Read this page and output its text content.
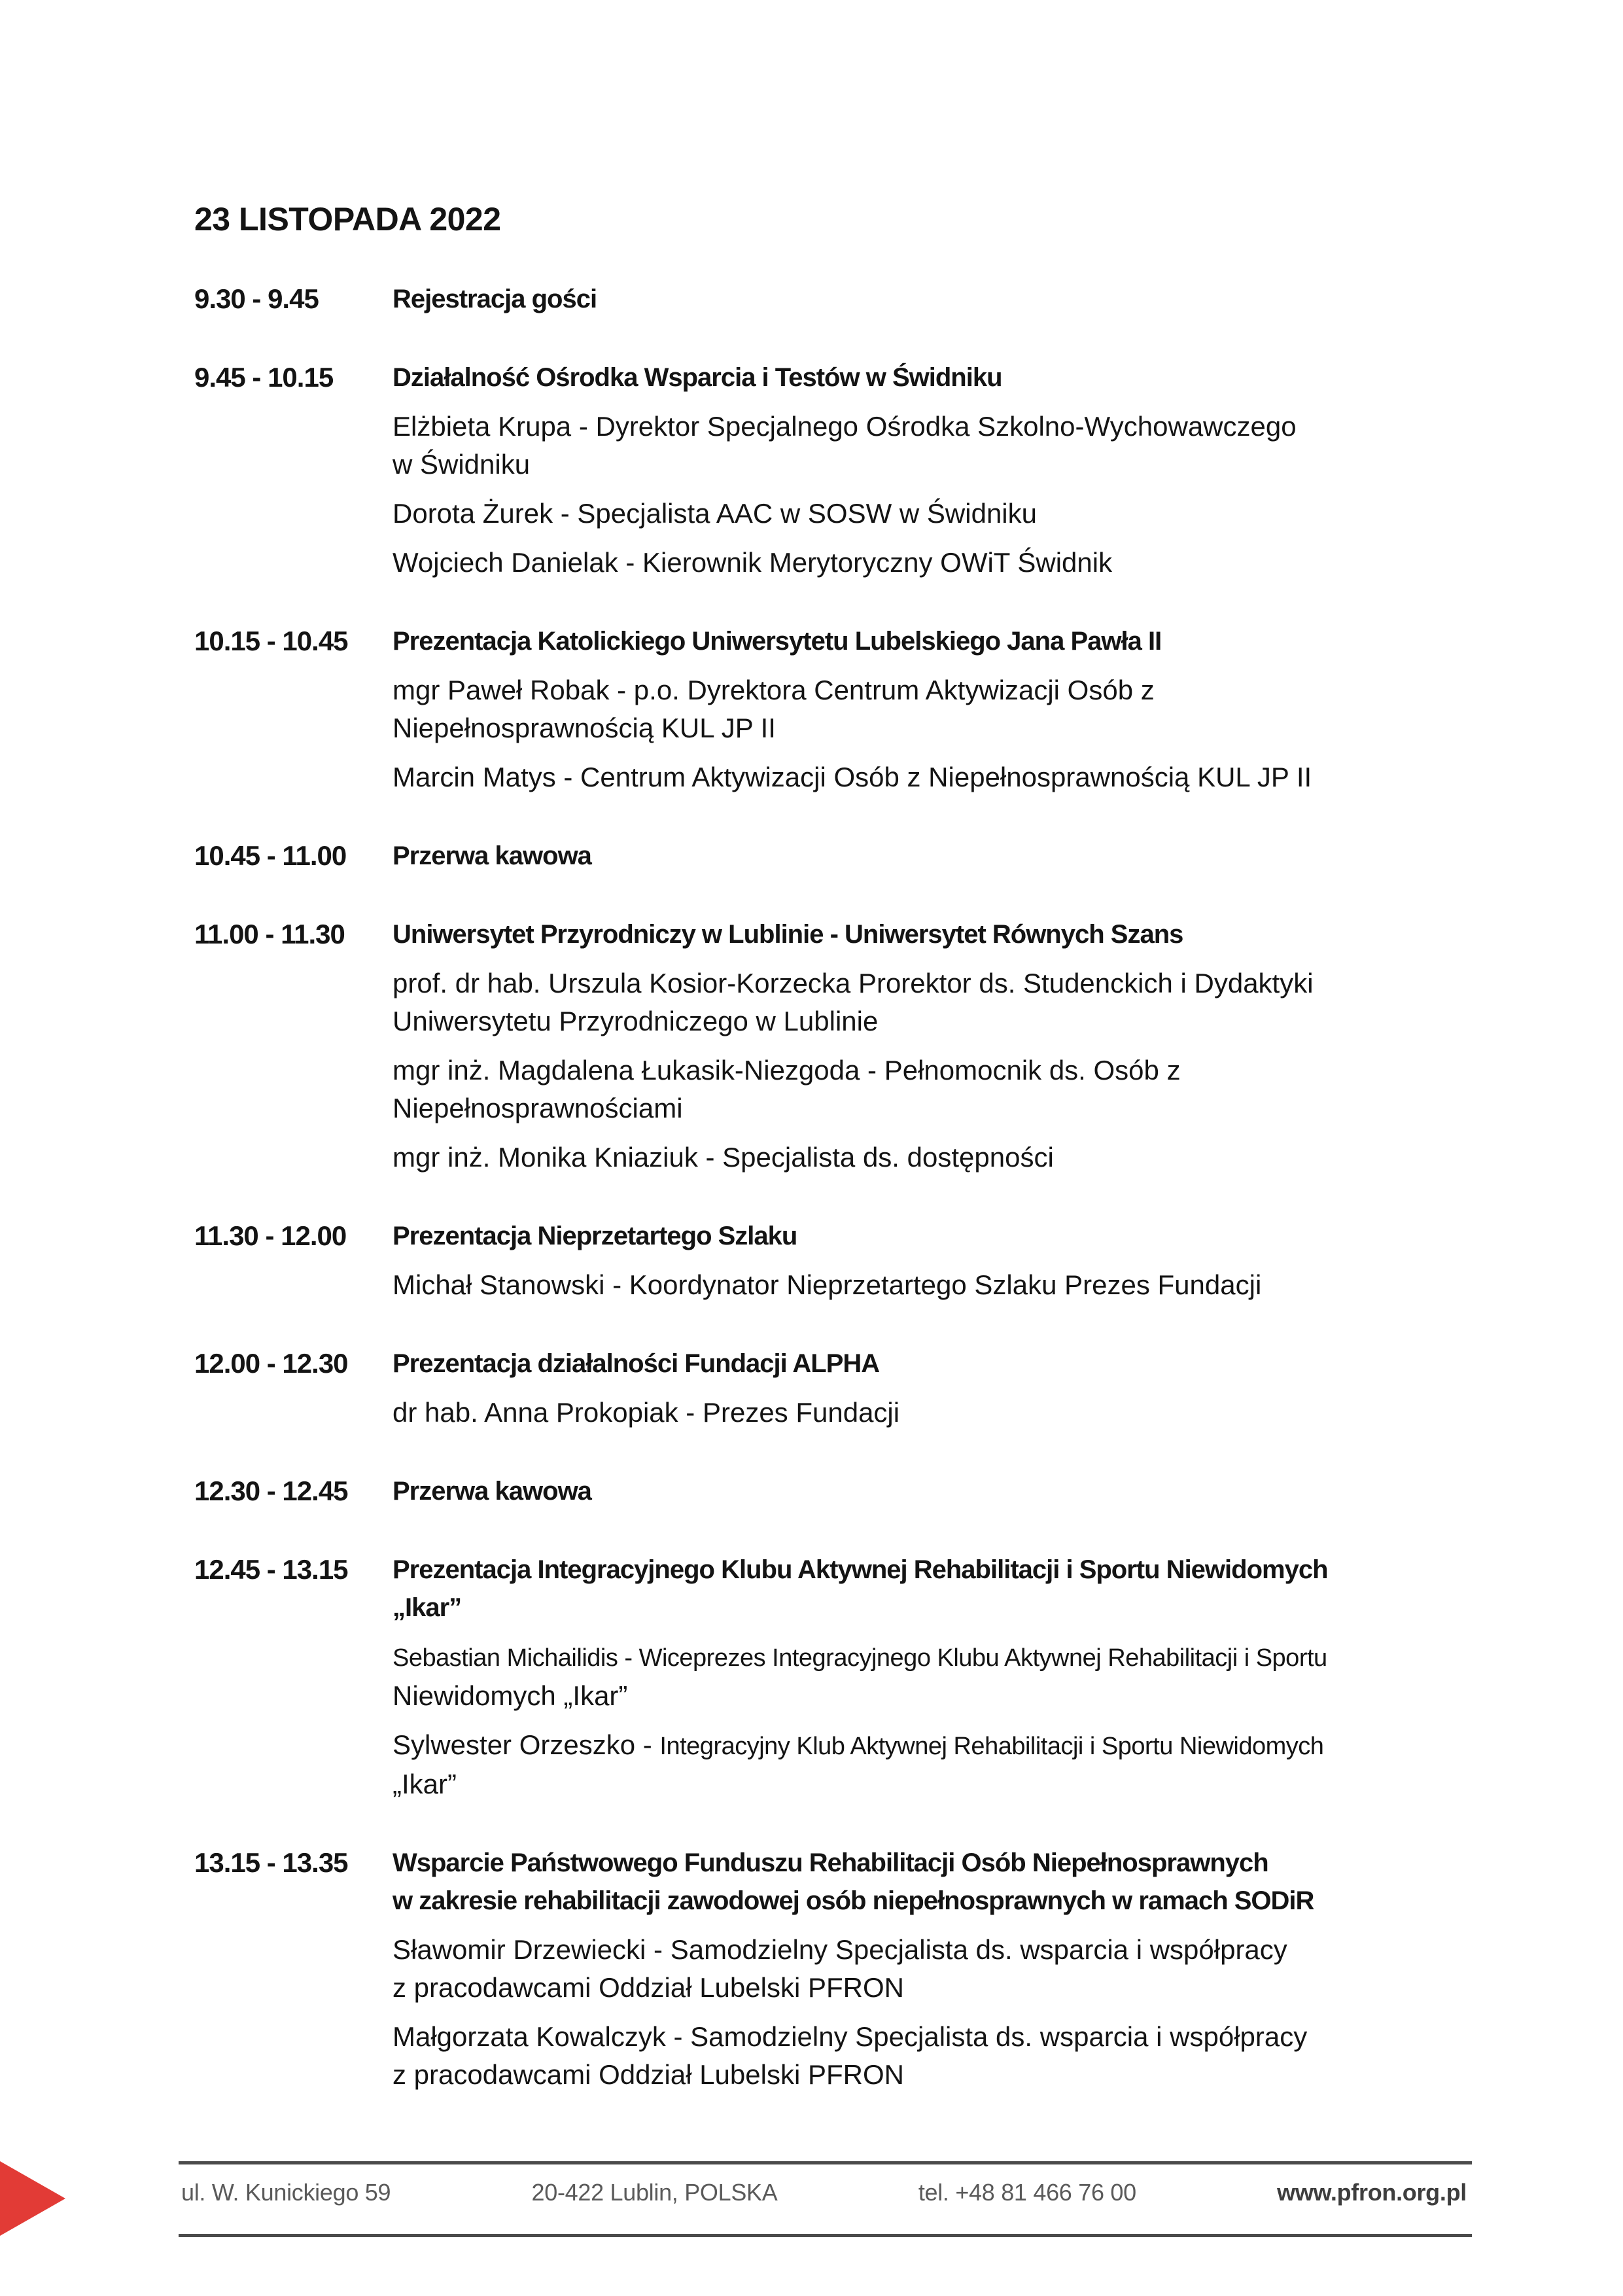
23 LISTOPADA 2022
9.30 - 9.45	Rejestracja gości
9.45 - 10.15	Działalność Ośrodka Wsparcia i Testów w Świdniku
Elżbieta Krupa - Dyrektor Specjalnego Ośrodka Szkolno-Wychowawczego
w Świdniku
Dorota Żurek - Specjalista AAC w SOSW w Świdniku
Wojciech Danielak - Kierownik Merytoryczny OWiT Świdnik
10.15 - 10.45	Prezentacja Katolickiego Uniwersytetu Lubelskiego Jana Pawła II
mgr Paweł Robak - p.o. Dyrektora Centrum Aktywizacji Osób z
Niepełnosprawnością KUL JP II
Marcin Matys - Centrum Aktywizacji Osób z Niepełnosprawnością KUL JP II
10.45 - 11.00	Przerwa kawowa
11.00 - 11.30	Uniwersytet Przyrodniczy w Lublinie - Uniwersytet Równych Szans
prof. dr hab. Urszula Kosior-Korzecka Prorektor ds. Studenckich i Dydaktyki
Uniwersytetu Przyrodniczego w Lublinie
mgr inż. Magdalena Łukasik-Niezgoda - Pełnomocnik ds. Osób z
Niepełnosprawnościami
mgr inż. Monika Kniaziuk - Specjalista ds. dostępności
11.30 - 12.00	Prezentacja Nieprzetartego Szlaku
Michał Stanowski - Koordynator Nieprzetartego Szlaku Prezes Fundacji
12.00 - 12.30	Prezentacja działalności Fundacji ALPHA
dr hab. Anna Prokopiak - Prezes Fundacji
12.30 - 12.45	Przerwa kawowa
12.45 - 13.15	Prezentacja Integracyjnego Klubu Aktywnej Rehabilitacji i Sportu Niewidomych
„Ikar”
Sebastian Michailidis - Wiceprezes Integracyjnego Klubu Aktywnej Rehabilitacji i Sportu
Niewidomych „Ikar”
Sylwester Orzeszko - Integracyjny Klub Aktywnej Rehabilitacji i Sportu Niewidomych
„Ikar”
13.15 - 13.35	Wsparcie Państwowego Funduszu Rehabilitacji Osób Niepełnosprawnych
w zakresie rehabilitacji zawodowej osób niepełnosprawnych w ramach SODiR
Sławomir Drzewiecki - Samodzielny Specjalista ds. wsparcia i współpracy
z pracodawcami Oddział Lubelski PFRON
Małgorzata Kowalczyk - Samodzielny Specjalista ds. wsparcia i współpracy
z pracodawcami Oddział Lubelski PFRON
ul. W. Kunickiego 59	20-422 Lublin, POLSKA	tel. +48 81 466 76 00	www.pfron.org.pl
